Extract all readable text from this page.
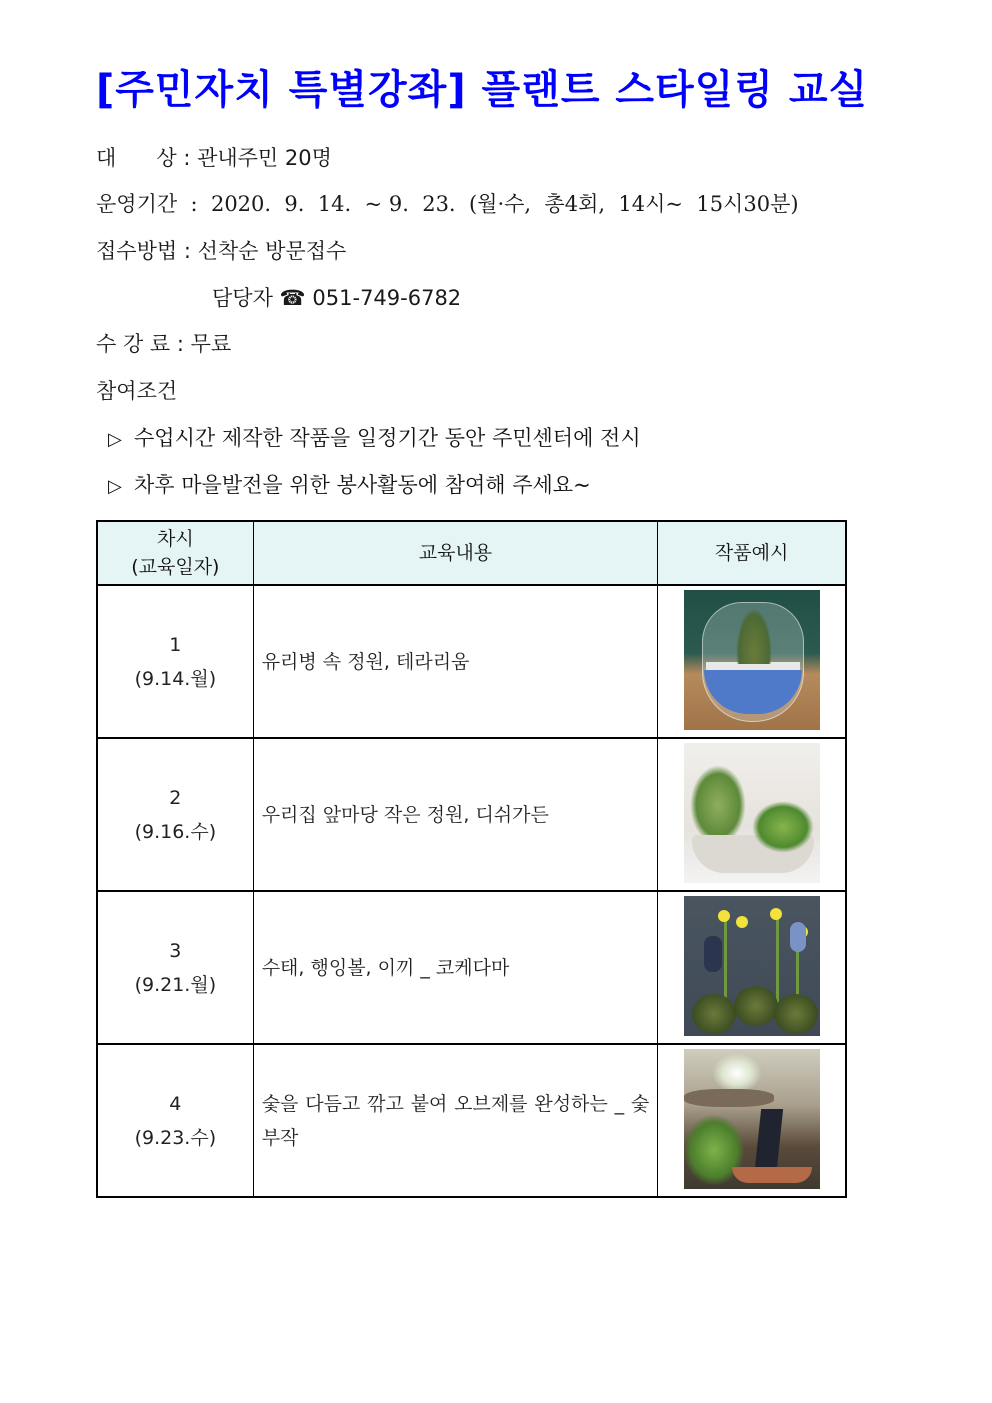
[주민자치 특별강좌] 플랜트 스타일링 교실
대      상 : 관내주민 20명
운영기간 : 2020.  9.  14.  ~ 9.  23.  (월·수,  총4회,  14시~  15시30분)
접수방법 : 선착순 방문접수
담당자 ☎ 051-749-6782
수 강 료 : 무료
참여조건
▷ 수업시간 제작한 작품을 일정기간 동안 주민센터에 전시
▷ 차후 마을발전을 위한 봉사활동에 참여해 주세요~
차시
(교육일자)	교육내용	작품예시

1
(9.14.월)	유리병 속 정원, 테라리움	

2
(9.16.수)	우리집 앞마당 작은 정원, 디쉬가든	

3
(9.21.월)	수태, 행잉볼, 이끼 _ 코케다마	

4
(9.23.수)	숯을 다듬고 깎고 붙여 오브제를 완성하는 _ 숯부작	
